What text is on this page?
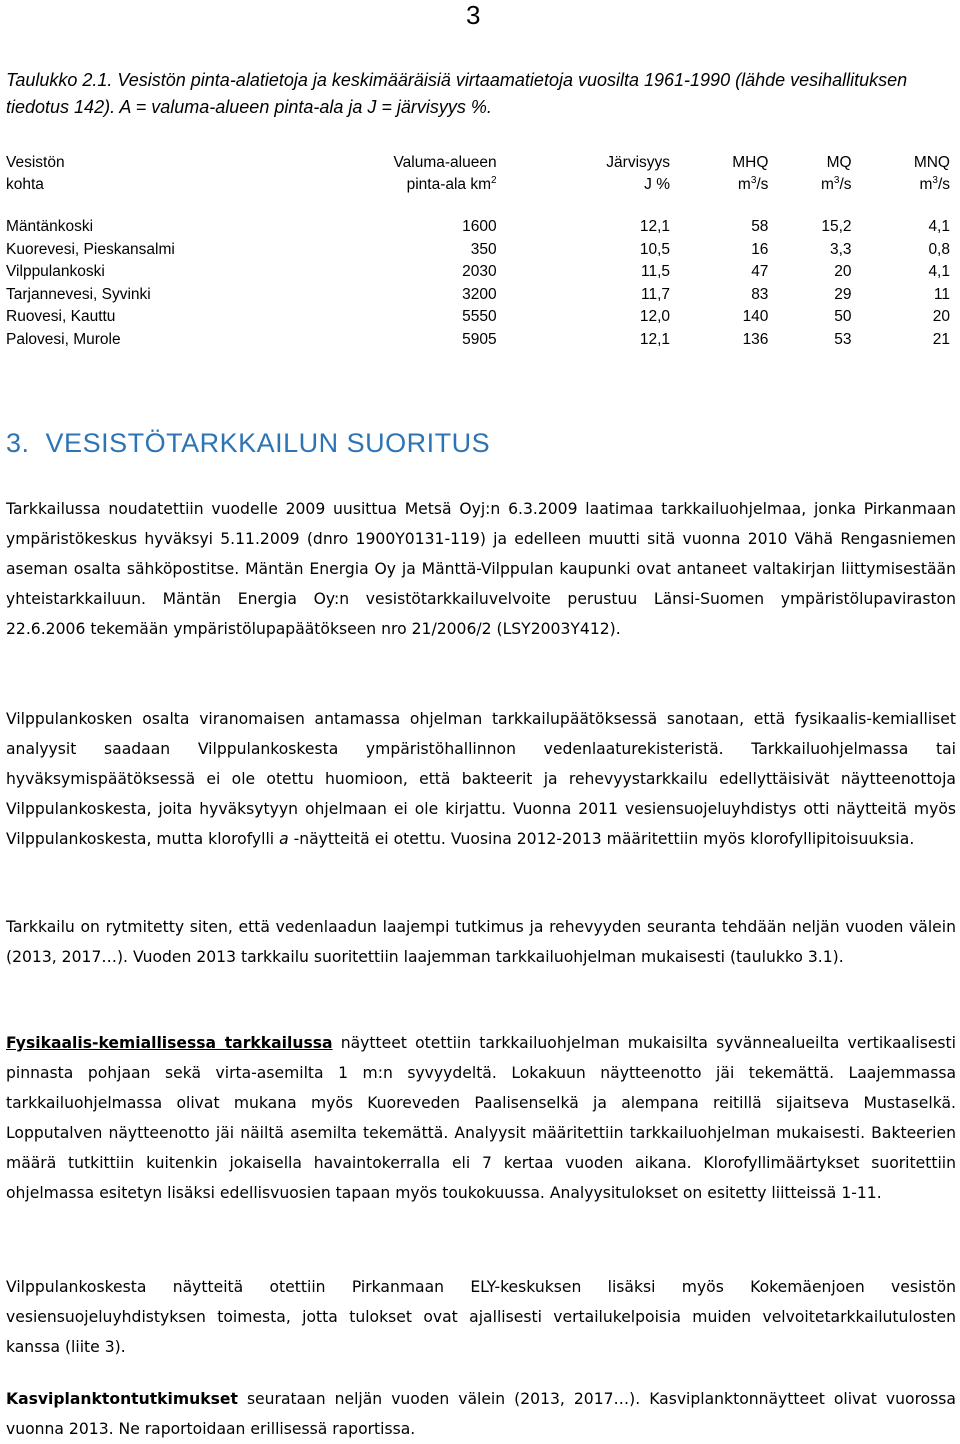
3
Taulukko 2.1. Vesistön pinta-alatietoja ja keskimääräisiä virtaamatietoja vuosilta 1961-1990 (lähde vesihallituksen tiedotus 142). A = valuma-alueen pinta-ala ja J = järvisyys %.
Vesistön	Valuma-alueen	Järvisyys	MHQ	MQ	MNQ
kohta	pinta-ala $km^2$	J %	$m^3/s$	$m^3/s$	$m^3/s$

Mäntänkoski	1600	12,1	58	15,2	4,1
Kuorevesi, Pieskansalmi	350	10,5	16	3,3	0,8
Vilppulankoski	2030	11,5	47	20	4,1
Tarjannevesi, Syvinki	3200	11,7	83	29	11
Ruovesi, Kauttu	5550	12,0	140	50	20
Palovesi, Murole	5905	12,1	136	53	21
3. VESISTÖTARKKAILUN SUORITUS

Tarkkailussa noudatettiin vuodelle 2009 uusittua Metsä Oyj:n 6.3.2009 laatimaa tarkkailuohjelmaa, jonka Pirkanmaan ympäristökeskus hyväksyi 5.11.2009 (dnro 1900Y0131-119) ja edelleen muutti sitä vuonna 2010 Vähä Rengasniemen aseman osalta sähköpostitse. Mäntän Energia Oy ja Mänttä-Vilppulan kaupunki ovat antaneet valtakirjan liittymisestään yhteistarkkailuun. Mäntän Energia Oy:n vesistötarkkailuvelvoite perustuu Länsi-Suomen ympäristölupaviraston 22.6.2006 tekemään ympäristölupapäätökseen nro 21/2006/2 (LSY2003Y412).

Vilppulankosken osalta viranomaisen antamassa ohjelman tarkkailupäätöksessä sanotaan, että fysikaalis-kemialliset analyysit saadaan Vilppulankoskesta ympäristöhallinnon vedenlaaturekisteristä. Tarkkailuohjelmassa tai hyväksymispäätöksessä ei ole otettu huomioon, että bakteerit ja rehevyystarkkailu edellyttäisivät näytteenottoja Vilppulankoskesta, joita hyväksytyyn ohjelmaan ei ole kirjattu. Vuonna 2011 vesiensuojeluyhdistys otti näytteitä myös Vilppulankoskesta, mutta klorofylli a -näytteitä ei otettu. Vuosina 2012-2013 määritettiin myös klorofyllipitoisuuksia.

Tarkkailu on rytmitetty siten, että vedenlaadun laajempi tutkimus ja rehevyyden seuranta tehdään neljän vuoden välein (2013, 2017…). Vuoden 2013 tarkkailu suoritettiin laajemman tarkkailuohjelman mukaisesti (taulukko 3.1).

Fysikaalis-kemiallisessa tarkkailussa näytteet otettiin tarkkailuohjelman mukaisilta syvännealueilta vertikaalisesti pinnasta pohjaan sekä virta-asemilta 1 m:n syvyydeltä. Lokakuun näytteenotto jäi tekemättä. Laajemmassa tarkkailuohjelmassa olivat mukana myös Kuoreveden Paalisenselkä ja alempana reitillä sijaitseva Mustaselkä. Lopputalven näytteenotto jäi näiltä asemilta tekemättä. Analyysit määritettiin tarkkailuohjelman mukaisesti. Bakteerien määrä tutkittiin kuitenkin jokaisella havaintokerralla eli 7 kertaa vuoden aikana. Klorofyllimäärtykset suoritettiin ohjelmassa esitetyn lisäksi edellisvuosien tapaan myös toukokuussa. Analyysitulokset on esitetty liitteissä 1-11.

Vilppulankoskesta näytteitä otettiin Pirkanmaan ELY-keskuksen lisäksi myös Kokemäenjoen vesistön vesiensuojeluyhdistyksen toimesta, jotta tulokset ovat ajallisesti vertailukelpoisia muiden velvoitetarkkailutulosten kanssa (liite 3).

Kasviplanktontutkimukset seurataan neljän vuoden välein (2013, 2017…). Kasviplanktonnäytteet olivat vuorossa vuonna 2013. Ne raportoidaan erillisessä raportissa.
